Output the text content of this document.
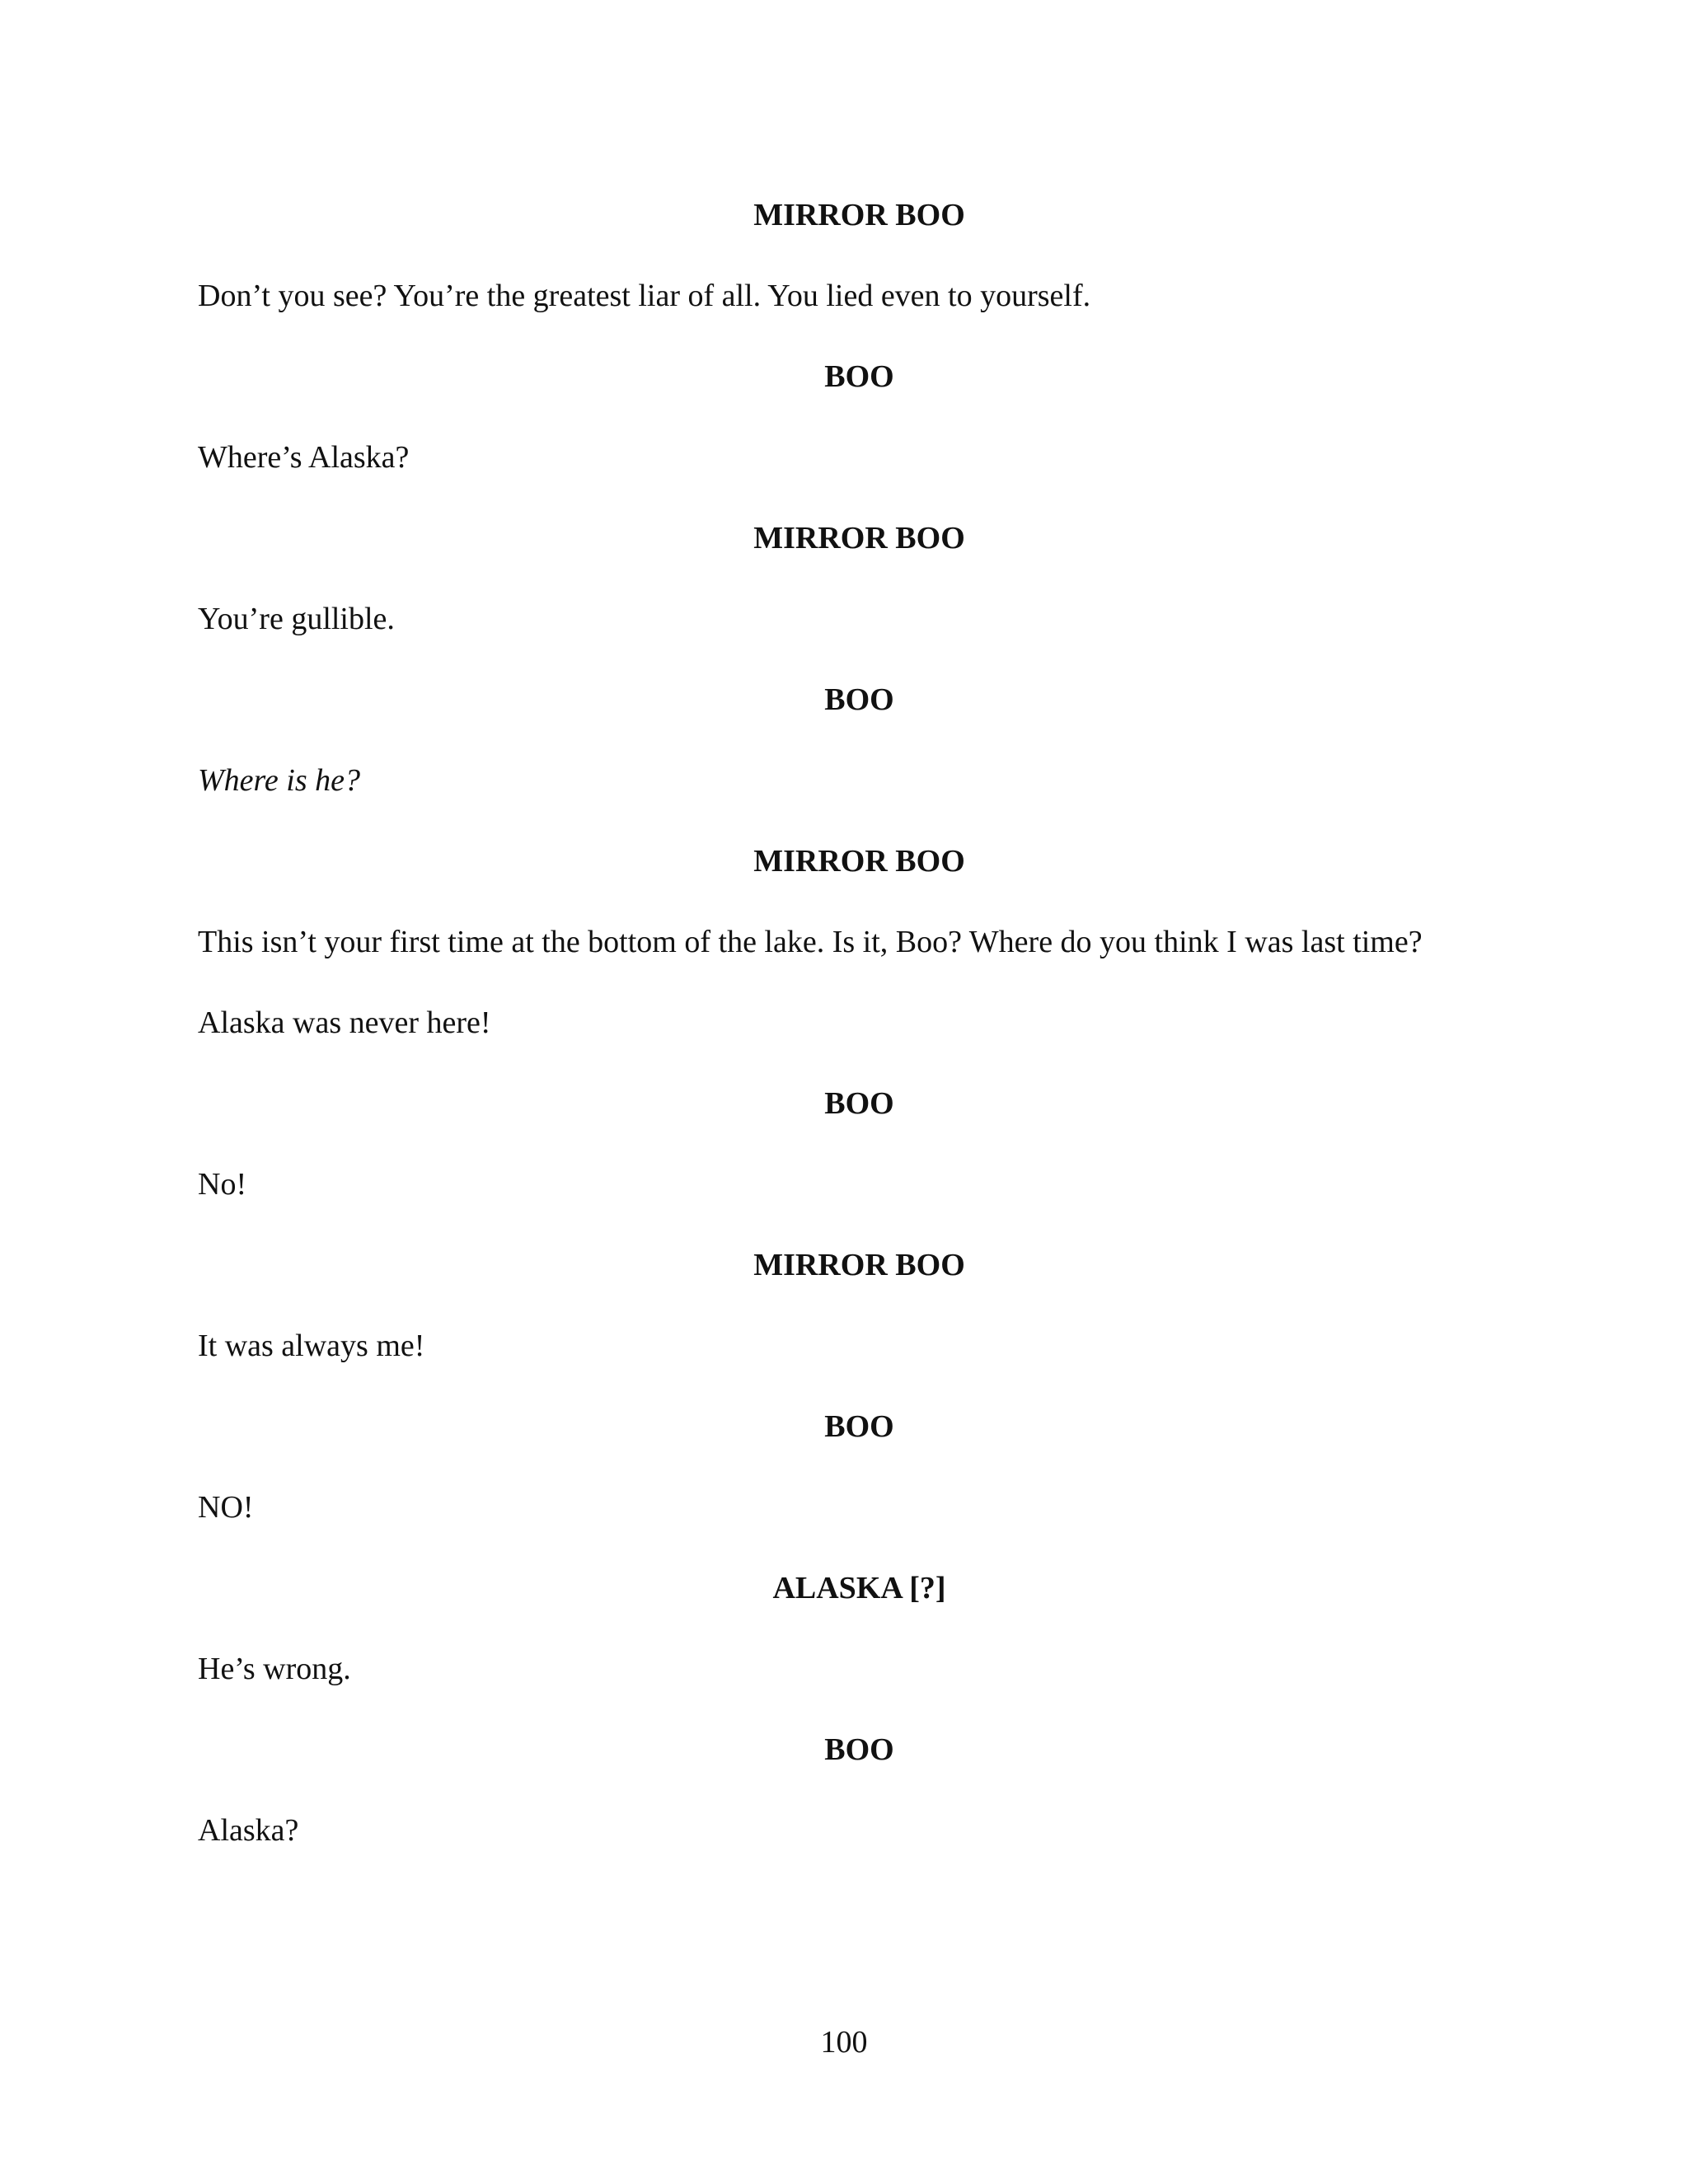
MIRROR BOO
Don’t you see? You’re the greatest liar of all. You lied even to yourself.
BOO
Where’s Alaska?
MIRROR BOO
You’re gullible.
BOO
Where is he?
MIRROR BOO
This isn’t your first time at the bottom of the lake. Is it, Boo? Where do you think I was last time? Alaska was never here!
BOO
No!
MIRROR BOO
It was always me!
BOO
NO!
ALASKA [?]
He’s wrong.
BOO
Alaska?
100
